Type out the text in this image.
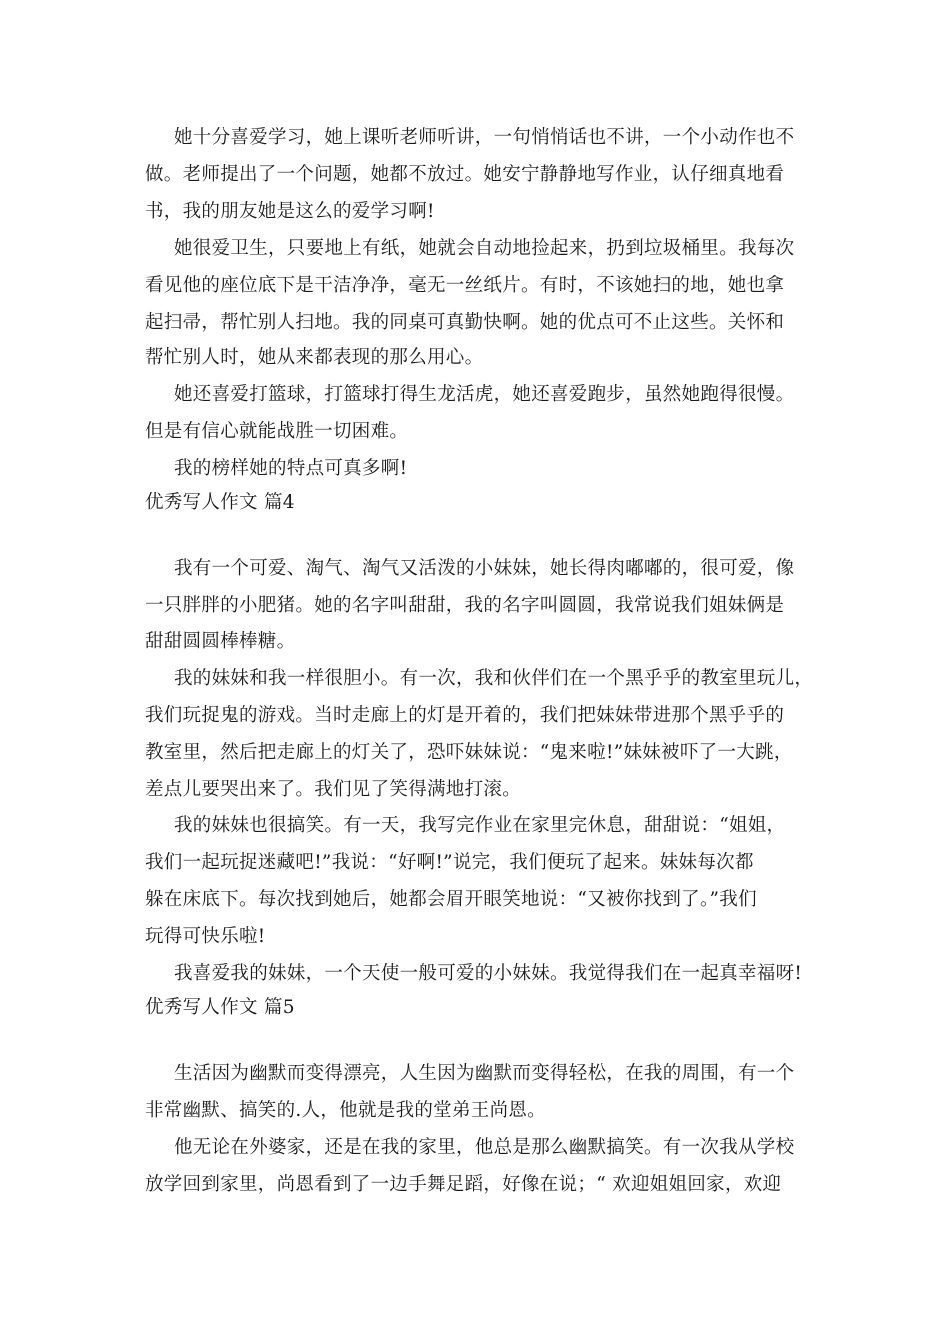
她十分喜爱学习，她上课听老师听讲，一句悄悄话也不讲，一个小动作也不

做。老师提出了一个问题，她都不放过。她安宁静静地写作业，认仔细真地看

书，我的朋友她是这么的爱学习啊!

她很爱卫生，只要地上有纸，她就会自动地捡起来，扔到垃圾桶里。我每次

看见他的座位底下是干洁净净，毫无一丝纸片。有时，不该她扫的地，她也拿

起扫帚，帮忙别人扫地。我的同桌可真勤快啊。她的优点可不止这些。关怀和

帮忙别人时，她从来都表现的那么用心。

她还喜爱打篮球，打篮球打得生龙活虎，她还喜爱跑步，虽然她跑得很慢。

但是有信心就能战胜一切困难。

我的榜样她的特点可真多啊!

优秀写人作文 篇4

我有一个可爱、淘气、淘气又活泼的小妹妹，她长得肉嘟嘟的，很可爱，像

一只胖胖的小肥猪。她的名字叫甜甜，我的名字叫圆圆，我常说我们姐妹俩是

甜甜圆圆棒棒糖。

我的妹妹和我一样很胆小。有一次，我和伙伴们在一个黑乎乎的教室里玩儿，

我们玩捉鬼的游戏。当时走廊上的灯是开着的，我们把妹妹带进那个黑乎乎的

教室里，然后把走廊上的灯关了，恐吓妹妹说：“鬼来啦!”妹妹被吓了一大跳，

差点儿要哭出来了。我们见了笑得满地打滚。

我的妹妹也很搞笑。有一天，我写完作业在家里完休息，甜甜说：“姐姐，

我们一起玩捉迷藏吧!”我说：“好啊!”说完，我们便玩了起来。妹妹每次都

躲在床底下。每次找到她后，她都会眉开眼笑地说：“又被你找到了。”我们

玩得可快乐啦!

我喜爱我的妹妹，一个天使一般可爱的小妹妹。我觉得我们在一起真幸福呀!

优秀写人作文 篇5

生活因为幽默而变得漂亮，人生因为幽默而变得轻松，在我的周围，有一个

非常幽默、搞笑的.人，他就是我的堂弟王尚恩。

他无论在外婆家，还是在我的家里，他总是那么幽默搞笑。有一次我从学校

放学回到家里，尚恩看到了一边手舞足蹈，好像在说；“ 欢迎姐姐回家，欢迎
